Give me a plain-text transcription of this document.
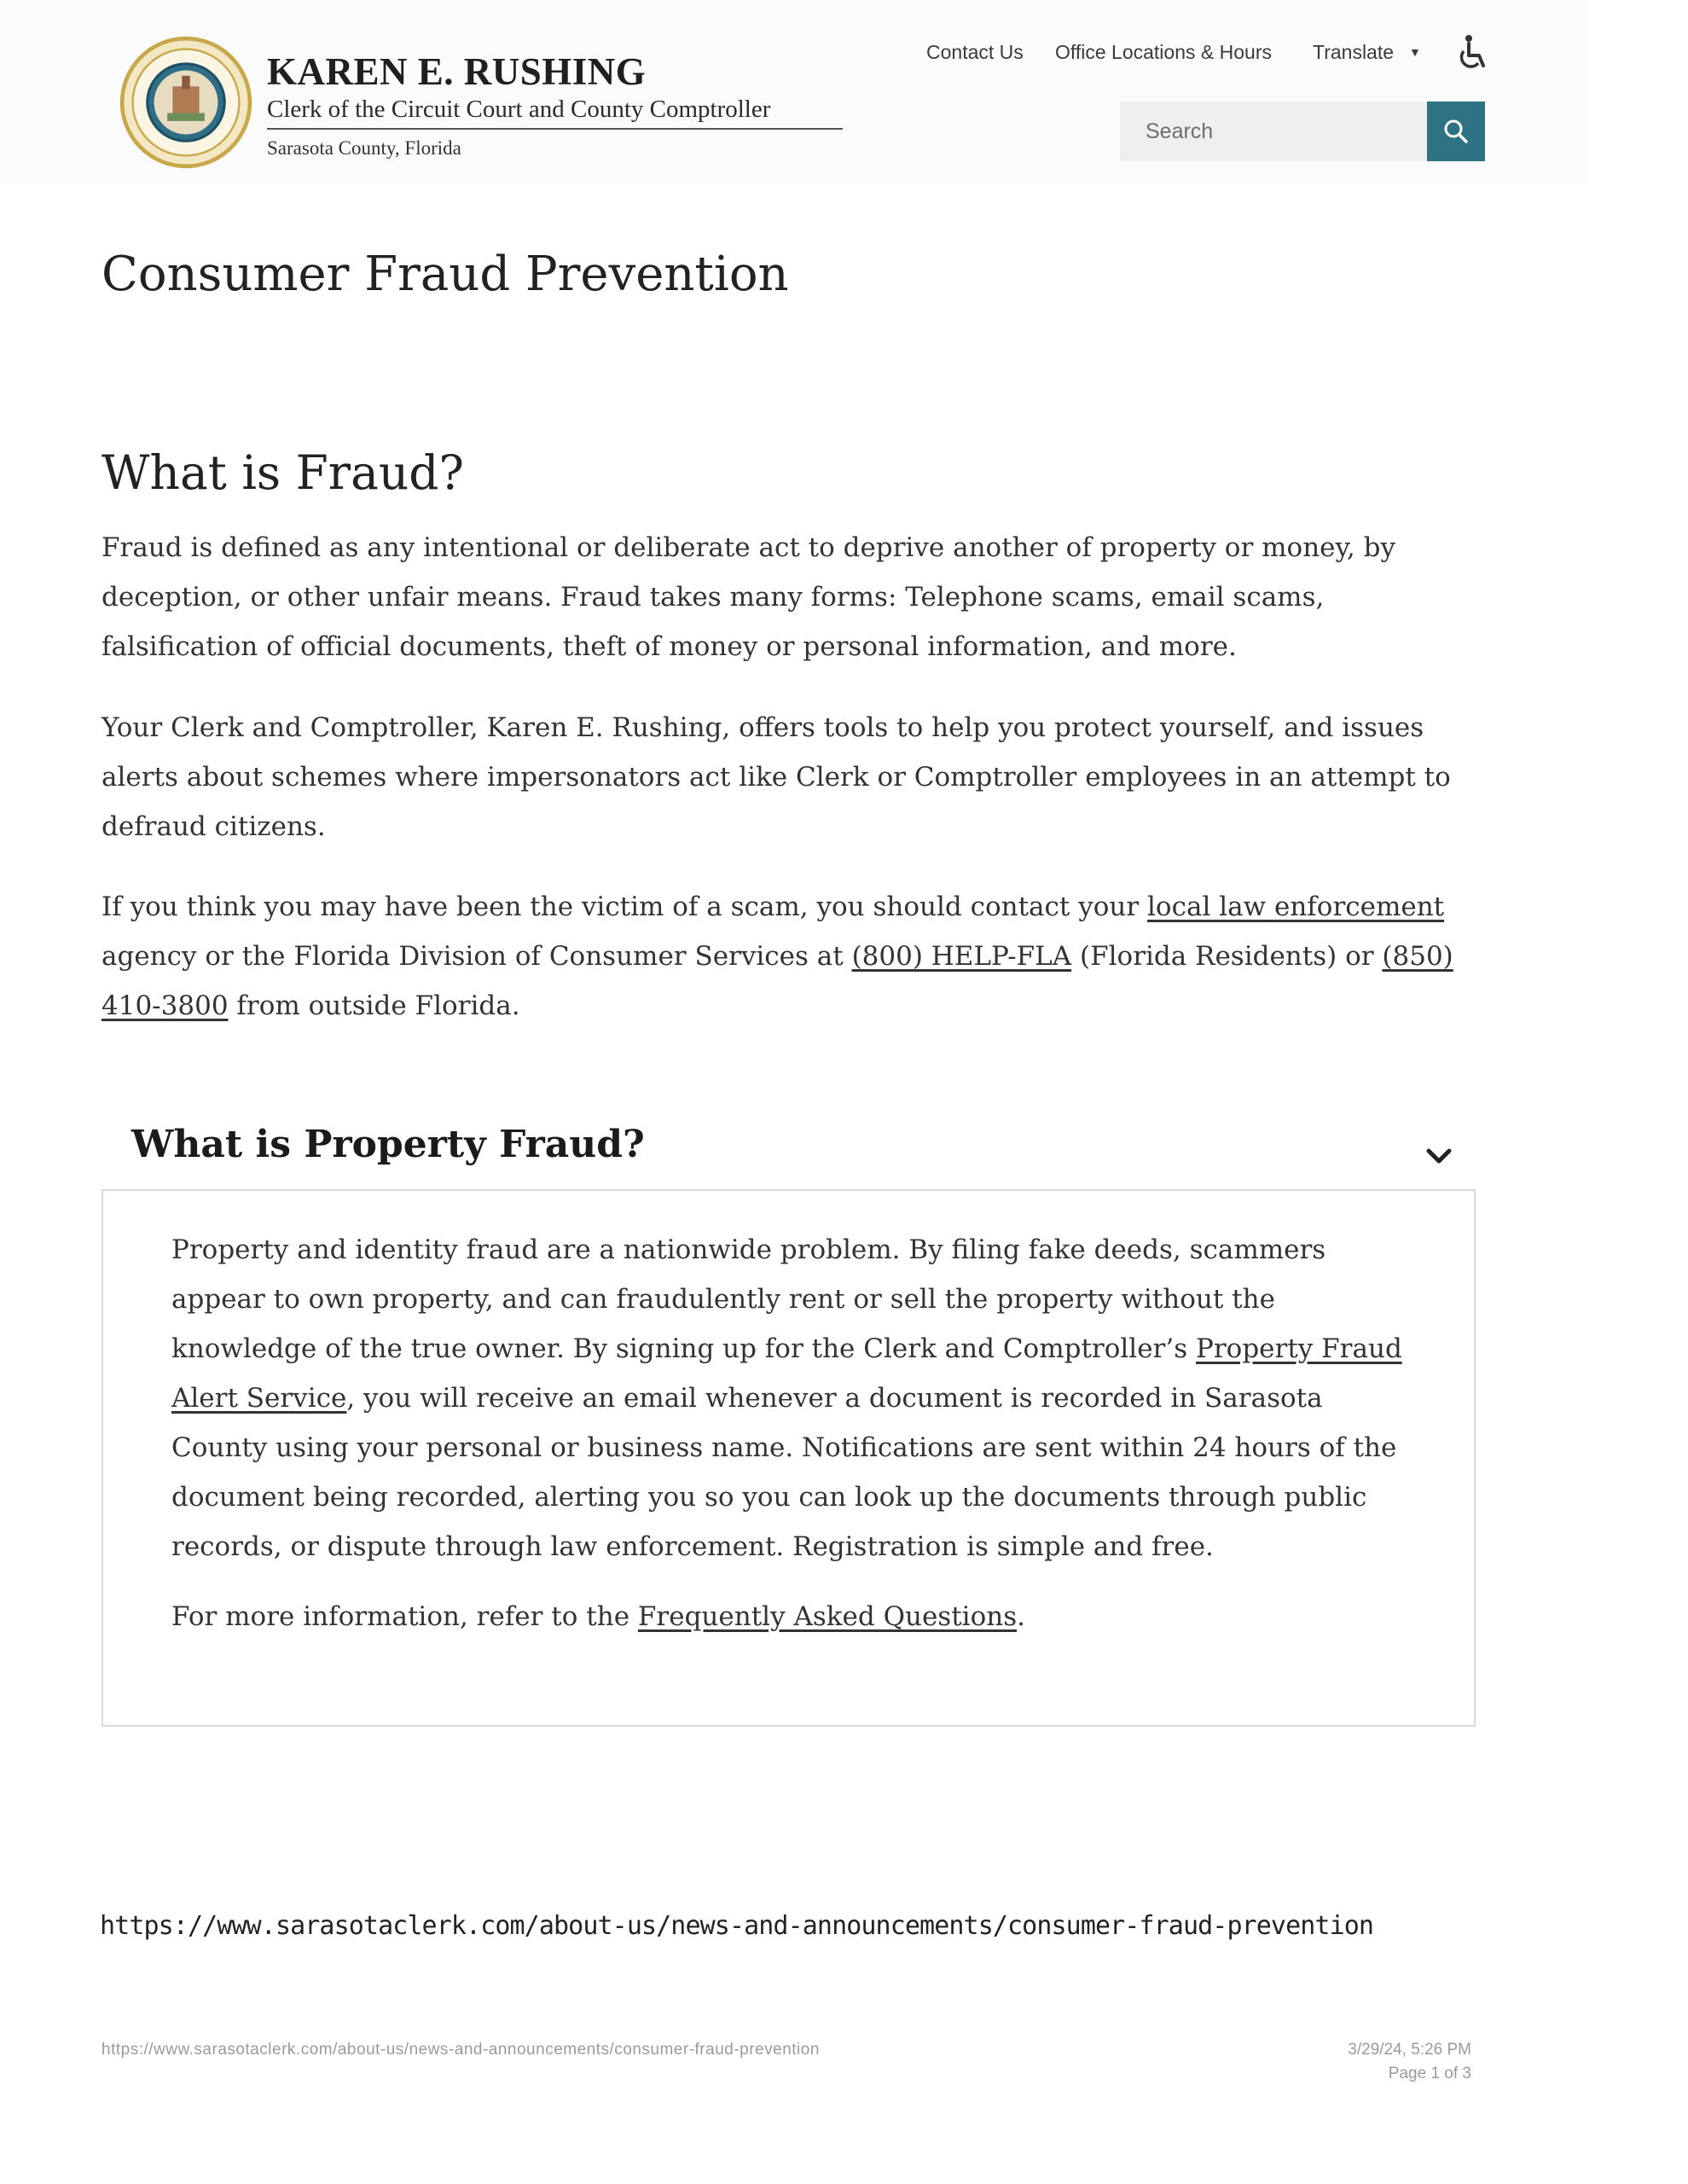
KAREN E. RUSHING
Clerk of the Circuit Court and County Comptroller
Sarasota County, Florida
Contact Us Office Locations & Hours Translate ▼
Search
Consumer Fraud Prevention
What is Fraud?

Fraud is defined as any intentional or deliberate act to deprive another of property or money, by deception, or other unfair means. Fraud takes many forms: Telephone scams, email scams, falsification of official documents, theft of money or personal information, and more.

Your Clerk and Comptroller, Karen E. Rushing, offers tools to help you protect yourself, and issues alerts about schemes where impersonators act like Clerk or Comptroller employees in an attempt to defraud citizens.

If you think you may have been the victim of a scam, you should contact your local law enforcement agency or the Florida Division of Consumer Services at (800) HELP-FLA (Florida Residents) or (850) 410-3800 from outside Florida.

What is Property Fraud?

Property and identity fraud are a nationwide problem. By filing fake deeds, scammers appear to own property, and can fraudulently rent or sell the property without the knowledge of the true owner. By signing up for the Clerk and Comptroller’s Property Fraud Alert Service, you will receive an email whenever a document is recorded in Sarasota County using your personal or business name. Notifications are sent within 24 hours of the document being recorded, alerting you so you can look up the documents through public records, or dispute through law enforcement. Registration is simple and free.

For more information, refer to the Frequently Asked Questions.

https://www.sarasotaclerk.com/about-us/news-and-announcements/consumer-fraud-prevention
https://www.sarasotaclerk.com/about-us/news-and-announcements/consumer-fraud-prevention	3/29/24, 5:26 PM
Page 1 of 3
